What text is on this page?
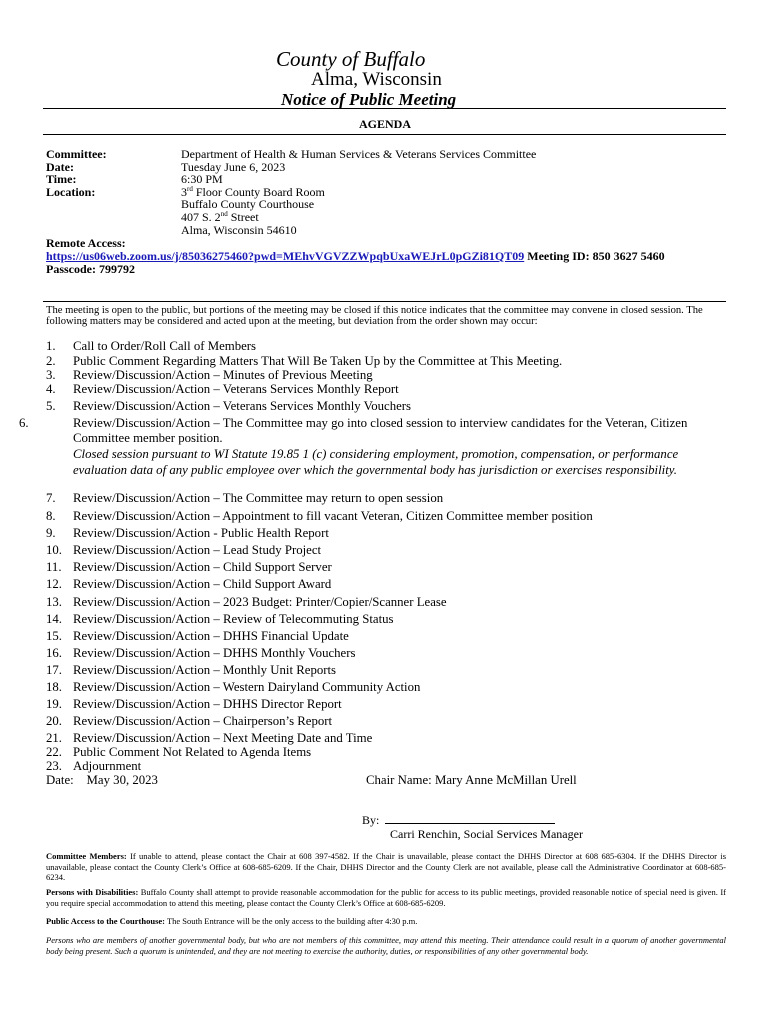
County of Buffalo
Alma, Wisconsin
Notice of Public Meeting
AGENDA
Committee:	Department of Health & Human Services & Veterans Services Committee
Date:	Tuesday June 6, 2023
Time:	6:30 PM
Location:	3rd Floor County Board Room
Buffalo County Courthouse
407 S. 2nd Street
Alma, Wisconsin 54610
Remote Access:
https://us06web.zoom.us/j/85036275460?pwd=MEhvVGVZZWpqbUxaWEJrL0pGZi81QT09 Meeting ID: 850 3627 5460
Passcode: 799792
The meeting is open to the public, but portions of the meeting may be closed if this notice indicates that the committee may convene in closed session. The following matters may be considered and acted upon at the meeting, but deviation from the order shown may occur:
1. Call to Order/Roll Call of Members
2. Public Comment Regarding Matters That Will Be Taken Up by the Committee at This Meeting.
3. Review/Discussion/Action – Minutes of Previous Meeting
4. Review/Discussion/Action – Veterans Services Monthly Report
5. Review/Discussion/Action – Veterans Services Monthly Vouchers
6.	Review/Discussion/Action – The Committee may go into closed session to interview candidates for the Veteran, Citizen Committee member position.
7. Review/Discussion/Action – The Committee may return to open session
8. Review/Discussion/Action – Appointment to fill vacant Veteran, Citizen Committee member position
9. Review/Discussion/Action - Public Health Report
10. Review/Discussion/Action – Lead Study Project
11. Review/Discussion/Action – Child Support Server
12. Review/Discussion/Action – Child Support Award
13. Review/Discussion/Action – 2023 Budget: Printer/Copier/Scanner Lease
14. Review/Discussion/Action – Review of Telecommuting Status
15. Review/Discussion/Action – DHHS Financial Update
16. Review/Discussion/Action – DHHS Monthly Vouchers
17. Review/Discussion/Action – Monthly Unit Reports
18. Review/Discussion/Action – Western Dairyland Community Action
19. Review/Discussion/Action – DHHS Director Report
20. Review/Discussion/Action – Chairperson’s Report
21. Review/Discussion/Action – Next Meeting Date and Time
22. Public Comment Not Related to Agenda Items
23. Adjournment
Closed session pursuant to WI Statute 19.85 1 (c) considering employment, promotion, compensation, or performance evaluation data of any public employee over which the governmental body has jurisdiction or exercises responsibility.
Date: May 30, 2023	Chair Name: Mary Anne McMillan Urell
By:
Carri Renchin, Social Services Manager
Committee Members: If unable to attend, please contact the Chair at 608 397-4582. If the Chair is unavailable, please contact the DHHS Director at 608 685-6304. If the DHHS Director is unavailable, please contact the County Clerk’s Office at 608-685-6209. If the Chair, DHHS Director and the County Clerk are not available, please call the Administrative Coordinator at 608-685-6234.
Persons with Disabilities: Buffalo County shall attempt to provide reasonable accommodation for the public for access to its public meetings, provided reasonable notice of special need is given. If you require special accommodation to attend this meeting, please contact the County Clerk’s Office at 608-685-6209.
Public Access to the Courthouse: The South Entrance will be the only access to the building after 4:30 p.m.
Persons who are members of another governmental body, but who are not members of this committee, may attend this meeting. Their attendance could result in a quorum of another governmental body being present. Such a quorum is unintended, and they are not meeting to exercise the authority, duties, or responsibilities of any other governmental body.
